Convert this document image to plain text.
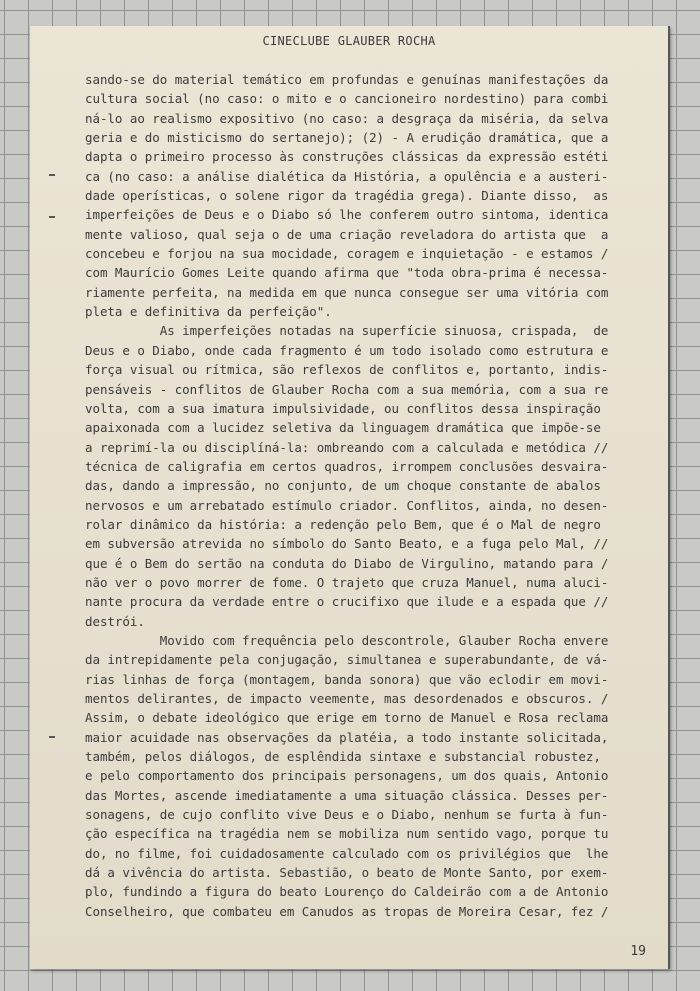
CINECLUBE GLAUBER ROCHA
sando-se do material temático em profundas e genuínas manifestações da
cultura social (no caso: o mito e o cancioneiro nordestino) para combi
ná-lo ao realismo expositivo (no caso: a desgraça da miséria, da selva
geria e do misticismo do sertanejo); (2) - A erudição dramática, que a
dapta o primeiro processo às construções clássicas da expressão estéti
ca (no caso: a análise dialética da História, a opulência e a austeri-
dade operísticas, o solene rigor da tragédia grega). Diante disso,  as
imperfeições de Deus e o Diabo só lhe conferem outro sintoma, identica
mente valioso, qual seja o de uma criação reveladora do artista que  a
concebeu e forjou na sua mocidade, coragem e inquietação - e estamos /
com Maurício Gomes Leite quando afirma que "toda obra-prima é necessa-
riamente perfeita, na medida em que nunca consegue ser uma vitória com
pleta e definitiva da perfeição".
As imperfeições notadas na superfície sinuosa, crispada,  de
Deus e o Diabo, onde cada fragmento é um todo isolado como estrutura e
força visual ou rítmica, são reflexos de conflitos e, portanto, indis-
pensáveis - conflitos de Glauber Rocha com a sua memória, com a sua re
volta, com a sua imatura impulsividade, ou conflitos dessa inspiração
apaixonada com a lucidez seletiva da linguagem dramática que impõe-se
a reprimí-la ou disciplíná-la: ombreando com a calculada e metódica //
técnica de caligrafia em certos quadros, irrompem conclusões desvaira-
das, dando a impressão, no conjunto, de um choque constante de abalos
nervosos e um arrebatado estímulo criador. Conflitos, ainda, no desen-
rolar dinâmico da história: a redenção pelo Bem, que é o Mal de negro
em subversão atrevida no símbolo do Santo Beato, e a fuga pelo Mal, //
que é o Bem do sertão na conduta do Diabo de Virgulino, matando para /
não ver o povo morrer de fome. O trajeto que cruza Manuel, numa aluci-
nante procura da verdade entre o crucifixo que ilude e a espada que //
destrói.
Movido com frequência pelo descontrole, Glauber Rocha envere
da intrepidamente pela conjugação, simultanea e superabundante, de vá-
rias linhas de força (montagem, banda sonora) que vão eclodir em movi-
mentos delirantes, de impacto veemente, mas desordenados e obscuros. /
Assim, o debate ideológico que erige em torno de Manuel e Rosa reclama
maior acuidade nas observações da platéia, a todo instante solicitada,
também, pelos diálogos, de esplêndida sintaxe e substancial robustez,
e pelo comportamento dos principais personagens, um dos quais, Antonio
das Mortes, ascende imediatamente a uma situação clássica. Desses per-
sonagens, de cujo conflito vive Deus e o Diabo, nenhum se furta à fun-
ção específica na tragédia nem se mobiliza num sentido vago, porque tu
do, no filme, foi cuidadosamente calculado com os privilégios que  lhe
dá a vivência do artista. Sebastião, o beato de Monte Santo, por exem-
plo, fundindo a figura do beato Lourenço do Caldeirão com a de Antonio
Conselheiro, que combateu em Canudos as tropas de Moreira Cesar, fez /
19
